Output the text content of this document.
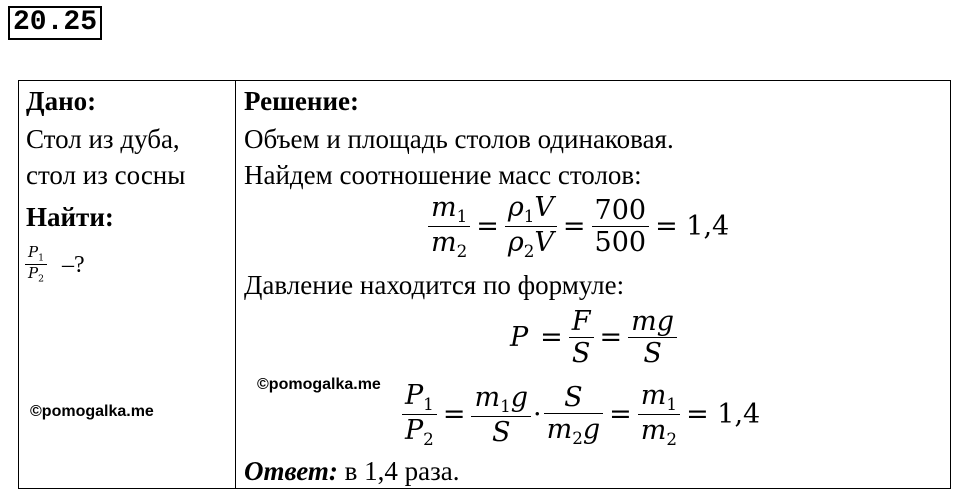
20.25
Дано:
Стол из дуба,
стол из сосны
Найти:
$\frac{P_1}{P_2}$ –?
©pomogalka.me
Решение:
Объем и площадь столов одинаковая.
Найдем соотношение масс столов:
$\frac{m_1}{m_2} = \frac{\rho_1V}{\rho_2V} = \frac{700}{500} = 1,4$
Давление находится по формуле:
$P = \frac{F}{S} = \frac{mg}{S}$
©pomogalka.me $\frac{P_1}{P_2} = \frac{m_1g}{S} \cdot \frac{S}{m_2g} = \frac{m_1}{m_2} = 1,4$
Ответ: в 1,4 раза.
